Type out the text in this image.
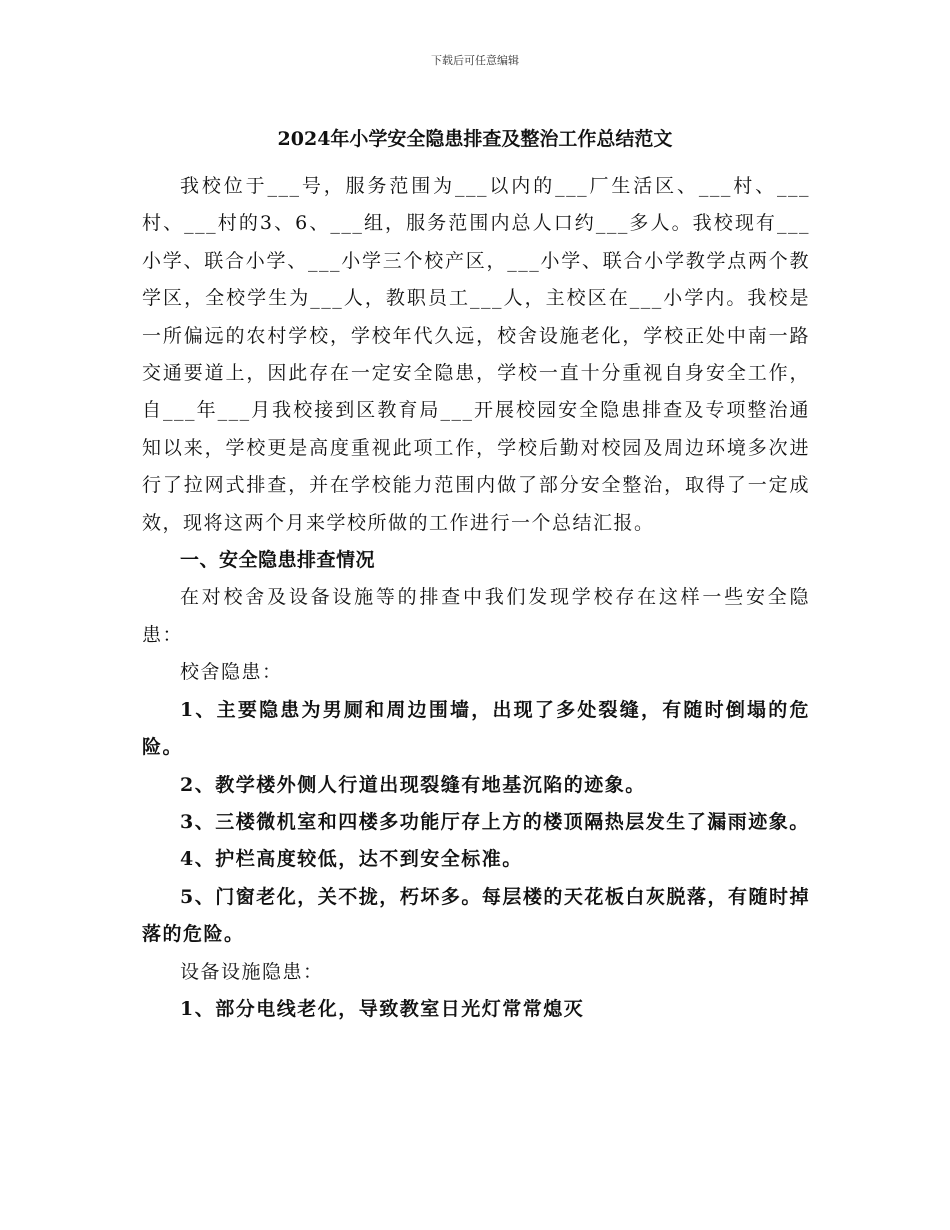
下载后可任意编辑
2024年小学安全隐患排查及整治工作总结范文

我校位于___号，服务范围为___以内的___厂生活区、___村、___村、___村的3、6、___组，服务范围内总人口约___多人。我校现有___小学、联合小学、___小学三个校产区，___小学、联合小学教学点两个教学区，全校学生为___人，教职员工___人，主校区在___小学内。我校是一所偏远的农村学校，学校年代久远，校舍设施老化，学校正处中南一路交通要道上，因此存在一定安全隐患，学校一直十分重视自身安全工作，自___年___月我校接到区教育局___开展校园安全隐患排查及专项整治通知以来，学校更是高度重视此项工作，学校后勤对校园及周边环境多次进行了拉网式排查，并在学校能力范围内做了部分安全整治，取得了一定成效，现将这两个月来学校所做的工作进行一个总结汇报。

一、安全隐患排查情况

在对校舍及设备设施等的排查中我们发现学校存在这样一些安全隐患：

校舍隐患：

1、主要隐患为男厕和周边围墙，出现了多处裂缝，有随时倒塌的危险。

2、教学楼外侧人行道出现裂缝有地基沉陷的迹象。

3、三楼微机室和四楼多功能厅存上方的楼顶隔热层发生了漏雨迹象。

4、护栏高度较低，达不到安全标准。

5、门窗老化，关不拢，朽坏多。每层楼的天花板白灰脱落，有随时掉落的危险。

设备设施隐患：

1、部分电线老化，导致教室日光灯常常熄灭
